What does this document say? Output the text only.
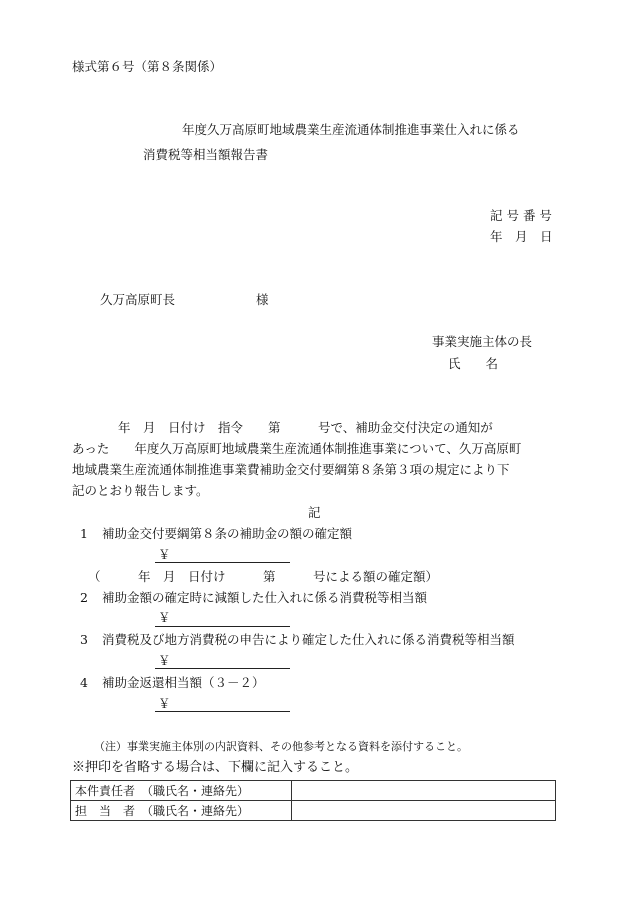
様式第６号（第８条関係）
年度久万高原町地域農業生産流通体制推進事業仕入れに係る
消費税等相当額報告書
記 号 番 号
年　月　日
久万高原町長	様
事業実施主体の長
氏　　名
年　月　日付け　指令　　第　　　号で、補助金交付決定の通知が
あった　　年度久万高原町地域農業生産流通体制推進事業について、久万高原町
地域農業生産流通体制推進事業費補助金交付要綱第８条第３項の規定により下
記のとおり報告します。
記
1 補助金交付要綱第８条の補助金の額の確定額
￥
（　　　年　月　日付け　　　第　　　号による額の確定額）
2 補助金額の確定時に減額した仕入れに係る消費税等相当額
￥
3 消費税及び地方消費税の申告により確定した仕入れに係る消費税等相当額
￥
4 補助金返還相当額（３－２）
￥
（注）事業実施主体別の内訳資料、その他参考となる資料を添付すること。
※押印を省略する場合は、下欄に記入すること。
本件責任者　（職氏名・連絡先）	
担　当　者　（職氏名・連絡先）	
